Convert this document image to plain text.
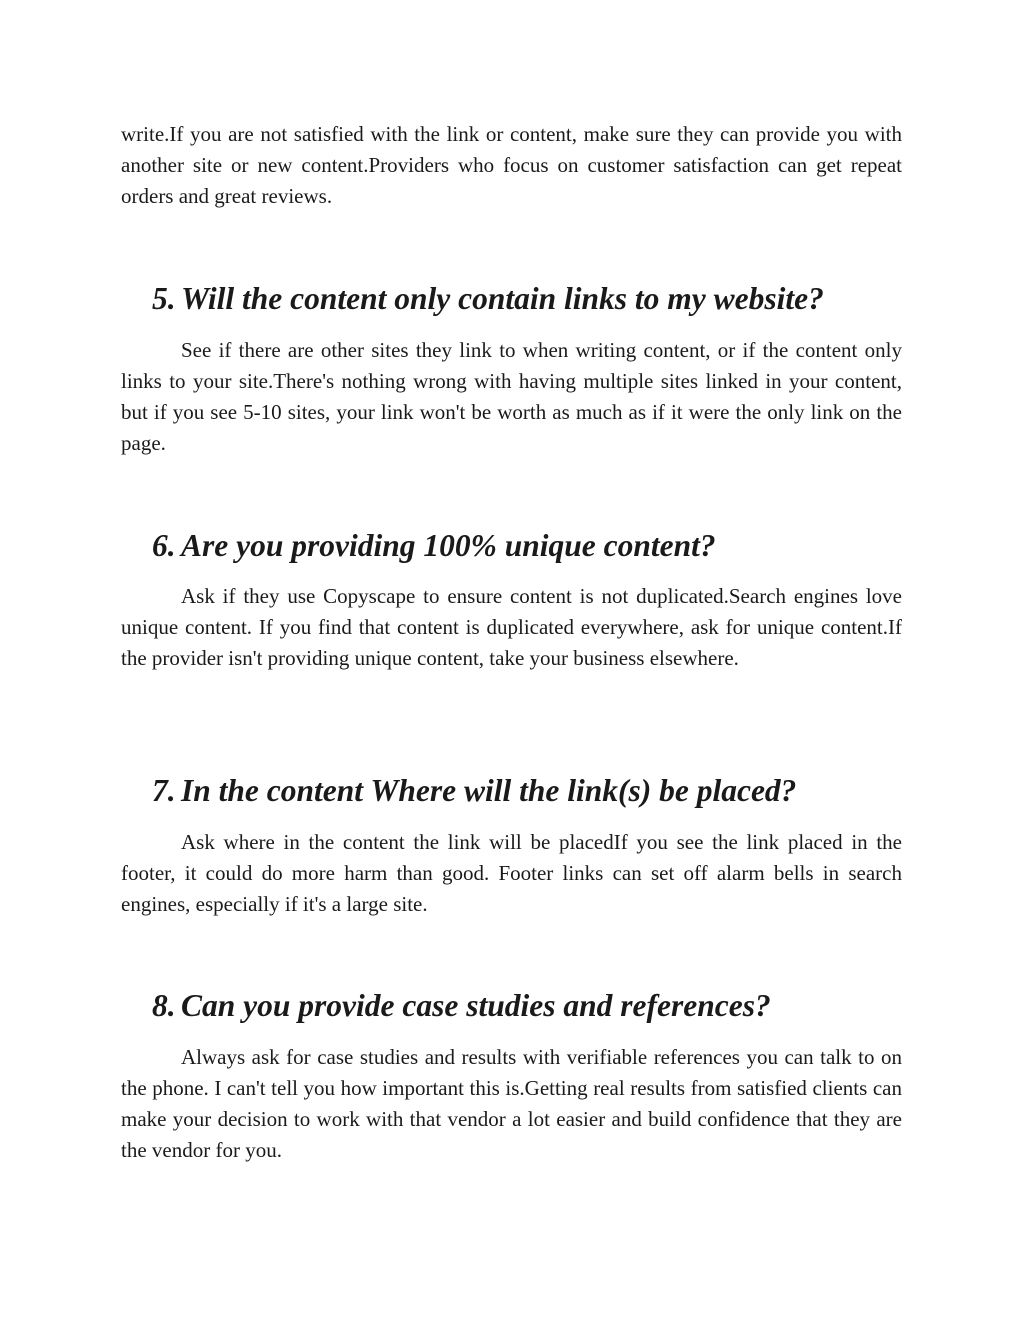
write.If you are not satisfied with the link or content, make sure they can provide you with another site or new content.Providers who focus on customer satisfaction can get repeat orders and great reviews.

5. Will the content only contain links to my website?

See if there are other sites they link to when writing content, or if the content only links to your site.There's nothing wrong with having multiple sites linked in your content, but if you see 5-10 sites, your link won't be worth as much as if it were the only link on the page.

6. Are you providing 100% unique content?

Ask if they use Copyscape to ensure content is not duplicated.Search engines love unique content. If you find that content is duplicated everywhere, ask for unique content.If the provider isn't providing unique content, take your business elsewhere.

7. In the content Where will the link(s) be placed?

Ask where in the content the link will be placedIf you see the link placed in the footer, it could do more harm than good. Footer links can set off alarm bells in search engines, especially if it's a large site.

8. Can you provide case studies and references?

Always ask for case studies and results with verifiable references you can talk to on the phone. I can't tell you how important this is.Getting real results from satisfied clients can make your decision to work with that vendor a lot easier and build confidence that they are the vendor for you.
